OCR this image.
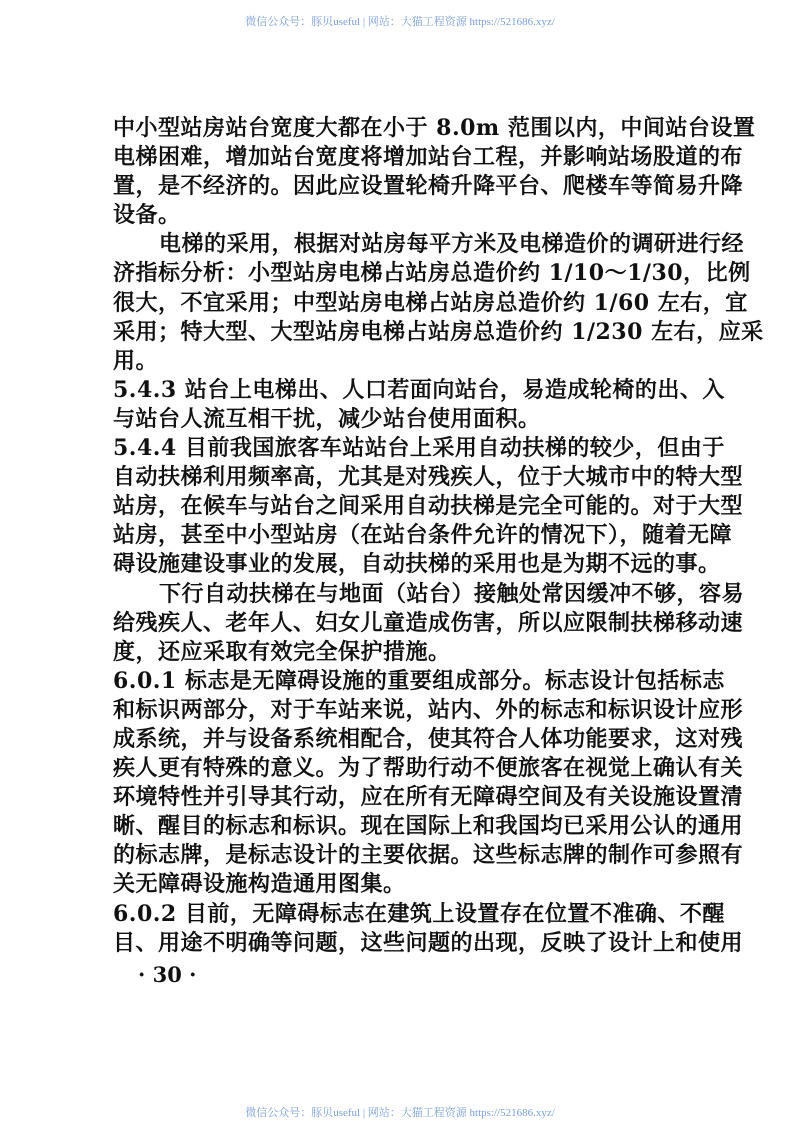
微信公众号：豚贝useful | 网站：大猫工程资源 https://521686.xyz/
中小型站房站台宽度大都在小于 8.0m 范围以内，中间站台设置
电梯困难，增加站台宽度将增加站台工程，并影响站场股道的布
置，是不经济的。因此应设置轮椅升降平台、爬楼车等简易升降
设备。
电梯的采用，根据对站房每平方米及电梯造价的调研进行经
济指标分析：小型站房电梯占站房总造价约 1/10～1/30，比例
很大，不宜采用；中型站房电梯占站房总造价约 1/60 左右，宜
采用；特大型、大型站房电梯占站房总造价约 1/230 左右，应采
用。
5.4.3 站台上电梯出、人口若面向站台，易造成轮椅的出、入
与站台人流互相干扰，减少站台使用面积。
5.4.4 目前我国旅客车站站台上采用自动扶梯的较少，但由于
自动扶梯利用频率高，尤其是对残疾人，位于大城市中的特大型
站房，在候车与站台之间采用自动扶梯是完全可能的。对于大型
站房，甚至中小型站房（在站台条件允许的情况下），随着无障
碍设施建设事业的发展，自动扶梯的采用也是为期不远的事。
下行自动扶梯在与地面（站台）接触处常因缓冲不够，容易
给残疾人、老年人、妇女儿童造成伤害，所以应限制扶梯移动速
度，还应采取有效完全保护措施。
6.0.1 标志是无障碍设施的重要组成部分。标志设计包括标志
和标识两部分，对于车站来说，站内、外的标志和标识设计应形
成系统，并与设备系统相配合，使其符合人体功能要求，这对残
疾人更有特殊的意义。为了帮助行动不便旅客在视觉上确认有关
环境特性并引导其行动，应在所有无障碍空间及有关设施设置清
晰、醒目的标志和标识。现在国际上和我国均已采用公认的通用
的标志牌，是标志设计的主要依据。这些标志牌的制作可参照有
关无障碍设施构造通用图集。
6.0.2 目前，无障碍标志在建筑上设置存在位置不准确、不醒
目、用途不明确等问题，这些问题的出现，反映了设计上和使用
· 30 ·
微信公众号：豚贝useful | 网站：大猫工程资源 https://521686.xyz/
